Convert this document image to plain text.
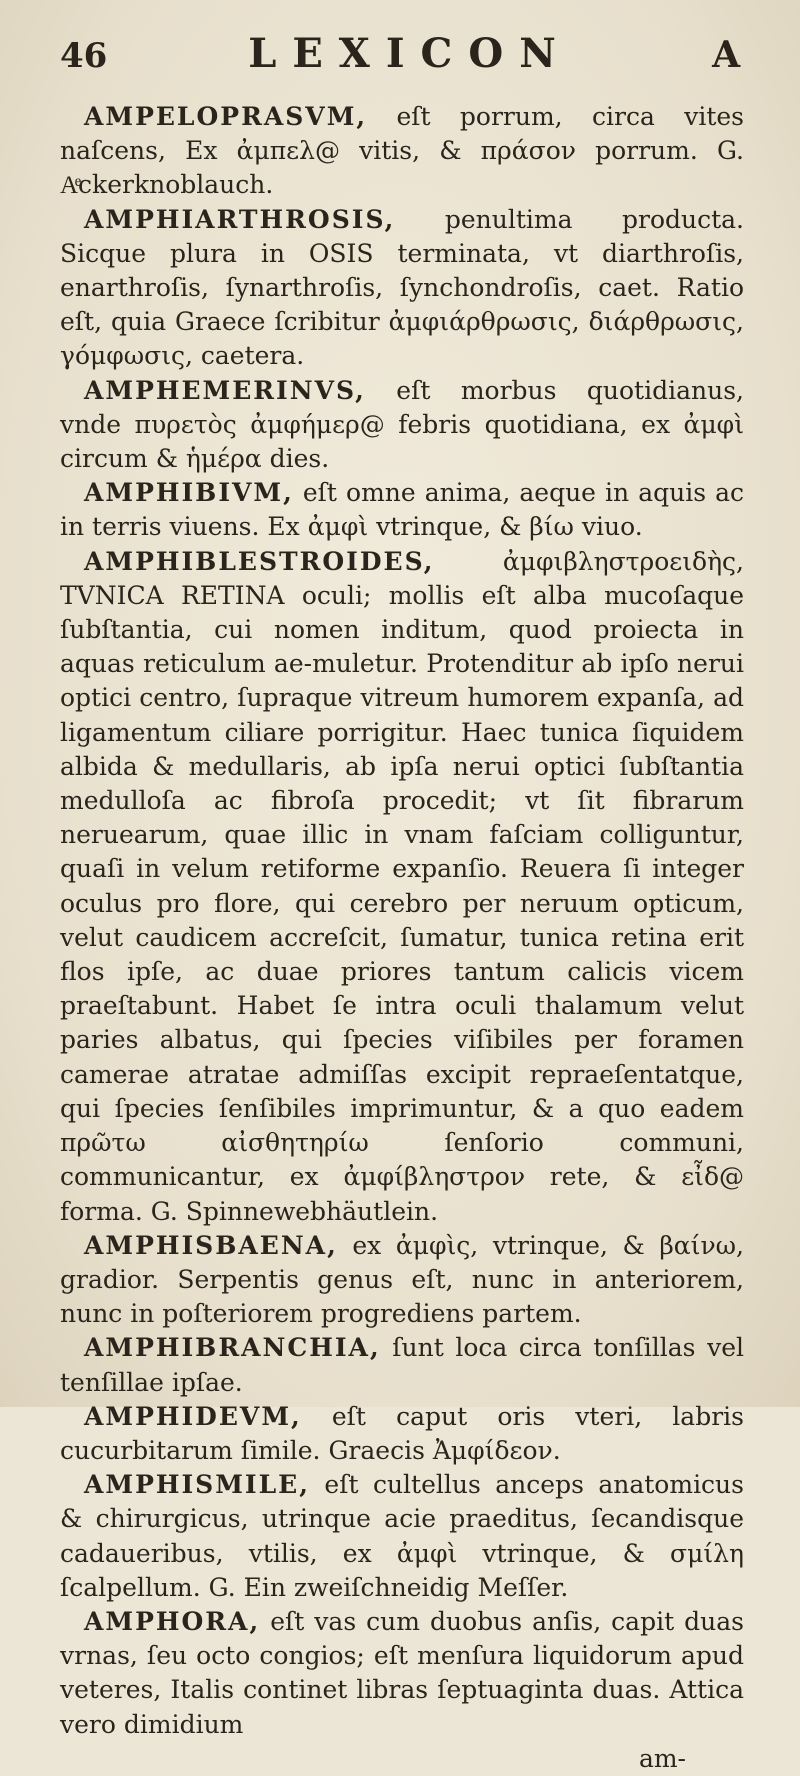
46	LEXICON	A

AMPELOPRASVM, eſt porrum, circa vites naſcens, Ex ἀμπελ@ vitis, & πράσον porrum. G. Aͤckerknoblauch.

AMPHIARTHROSIS, penultima producta. Sicque plura in OSIS terminata, vt diarthroſis, enarthroſis, ſynarthroſis, ſynchondroſis, caet. Ratio eſt, quia Graece ſcribitur ἀμφιάρθρωσις, διάρθρωσις, γόμφωσις, caetera.

AMPHEMERINVS, eſt morbus quotidianus, vnde πυρετὸς ἀμφήμερ@ febris quotidiana, ex ἀμφὶ circum & ἡμέρα dies.

AMPHIBIVM, eſt omne anima, aeque in aquis ac in terris viuens. Ex ἀμφὶ vtrinque, & βίω viuo.

AMPHIBLESTROIDES,	ἀμφιβληστροειδὴς, TVNICA RETINA oculi; mollis eſt alba mucoſaque ſubſtantia, cui nomen inditum, quod proiecta in aquas reticulum ae-muletur. Protenditur ab ipſo nerui optici centro, ſupraque vitreum humorem expanſa, ad ligamentum ciliare porrigitur. Haec tunica ſiquidem albida & medullaris, ab ipſa nerui optici ſubſtantia medulloſa ac fibroſa procedit; vt ſit fibrarum neruearum, quae illic in vnam faſciam colliguntur, quaſi in velum retiforme expanſio. Reuera ſi integer oculus pro flore, qui cerebro per neruum opticum, velut caudicem accreſcit, ſumatur, tunica retina erit flos ipſe, ac duae priores tantum calicis vicem praeſtabunt. Habet ſe intra oculi thalamum velut paries albatus, qui ſpecies viſibiles per foramen camerae atratae admiſſas excipit repraeſentatque, qui ſpecies ſenſibiles imprimuntur, & a quo eadem πρῶτω αἰσθητηρίω ſenſorio communi, communicantur, ex ἀμφίβληστρον rete, & εἶδ@ forma. G. Spinnewebhäutlein.

AMPHISBAENA, ex ἀμφὶς, vtrinque, & βαίνω, gradior. Serpentis genus eſt, nunc in anteriorem, nunc in poſteriorem progrediens partem.

AMPHIBRANCHIA, ſunt loca circa tonſillas vel tenſillae ipſae.

AMPHIDEVM, eſt caput oris vteri, labris cucurbitarum ſimile. Graecis Ἀμφίδεον.

AMPHISMILE, eſt cultellus anceps anatomicus & chirurgicus, utrinque acie praeditus, ſecandisque cadaueribus, vtilis, ex ἀμφὶ vtrinque, & σμίλη ſcalpellum. G. Ein zweiſchneidig Meſſer.

AMPHORA, eſt vas cum duobus anſis, capit duas vrnas, ſeu octo congios; eſt menſura liquidorum apud veteres, Italis continet libras ſeptuaginta duas. Attica vero dimidium

am-
